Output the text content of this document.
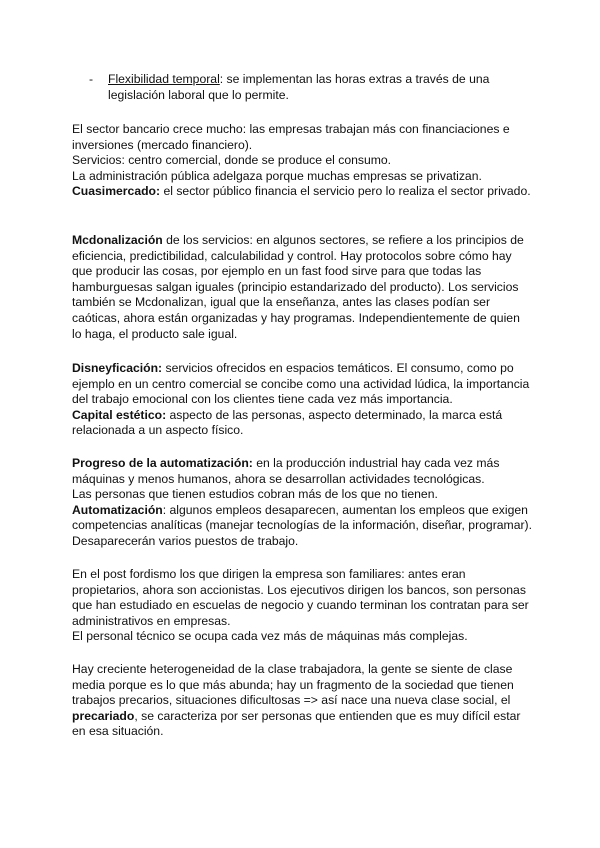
- Flexibilidad temporal: se implementan las horas extras a través de una legislación laboral que lo permite.

El sector bancario crece mucho: las empresas trabajan más con financiaciones e inversiones (mercado financiero).

Servicios: centro comercial, donde se produce el consumo.

La administración pública adelgaza porque muchas empresas se privatizan.

Cuasimercado: el sector público financia el servicio pero lo realiza el sector privado.

Mcdonalización de los servicios: en algunos sectores, se refiere a los principios de eficiencia, predictibilidad, calculabilidad y control. Hay protocolos sobre cómo hay que producir las cosas, por ejemplo en un fast food sirve para que todas las hamburguesas salgan iguales (principio estandarizado del producto). Los servicios también se Mcdonalizan, igual que la enseñanza, antes las clases podían ser caóticas, ahora están organizadas y hay programas. Independientemente de quien lo haga, el producto sale igual.

Disneyficación: servicios ofrecidos en espacios temáticos. El consumo, como po ejemplo en un centro comercial se concibe como una actividad lúdica, la importancia del trabajo emocional con los clientes tiene cada vez más importancia.

Capital estético: aspecto de las personas, aspecto determinado, la marca está relacionada a un aspecto físico.

Progreso de la automatización: en la producción industrial hay cada vez más máquinas y menos humanos, ahora se desarrollan actividades tecnológicas.

Las personas que tienen estudios cobran más de los que no tienen.

Automatización: algunos empleos desaparecen, aumentan los empleos que exigen competencias analíticas (manejar tecnologías de la información, diseñar, programar). Desaparecerán varios puestos de trabajo.

En el post fordismo los que dirigen la empresa son familiares: antes eran propietarios, ahora son accionistas. Los ejecutivos dirigen los bancos, son personas que han estudiado en escuelas de negocio y cuando terminan los contratan para ser administrativos en empresas.

El personal técnico se ocupa cada vez más de máquinas más complejas.

Hay creciente heterogeneidad de la clase trabajadora, la gente se siente de clase media porque es lo que más abunda; hay un fragmento de la sociedad que tienen trabajos precarios, situaciones dificultosas => así nace una nueva clase social, el precariado, se caracteriza por ser personas que entienden que es muy difícil estar en esa situación.
